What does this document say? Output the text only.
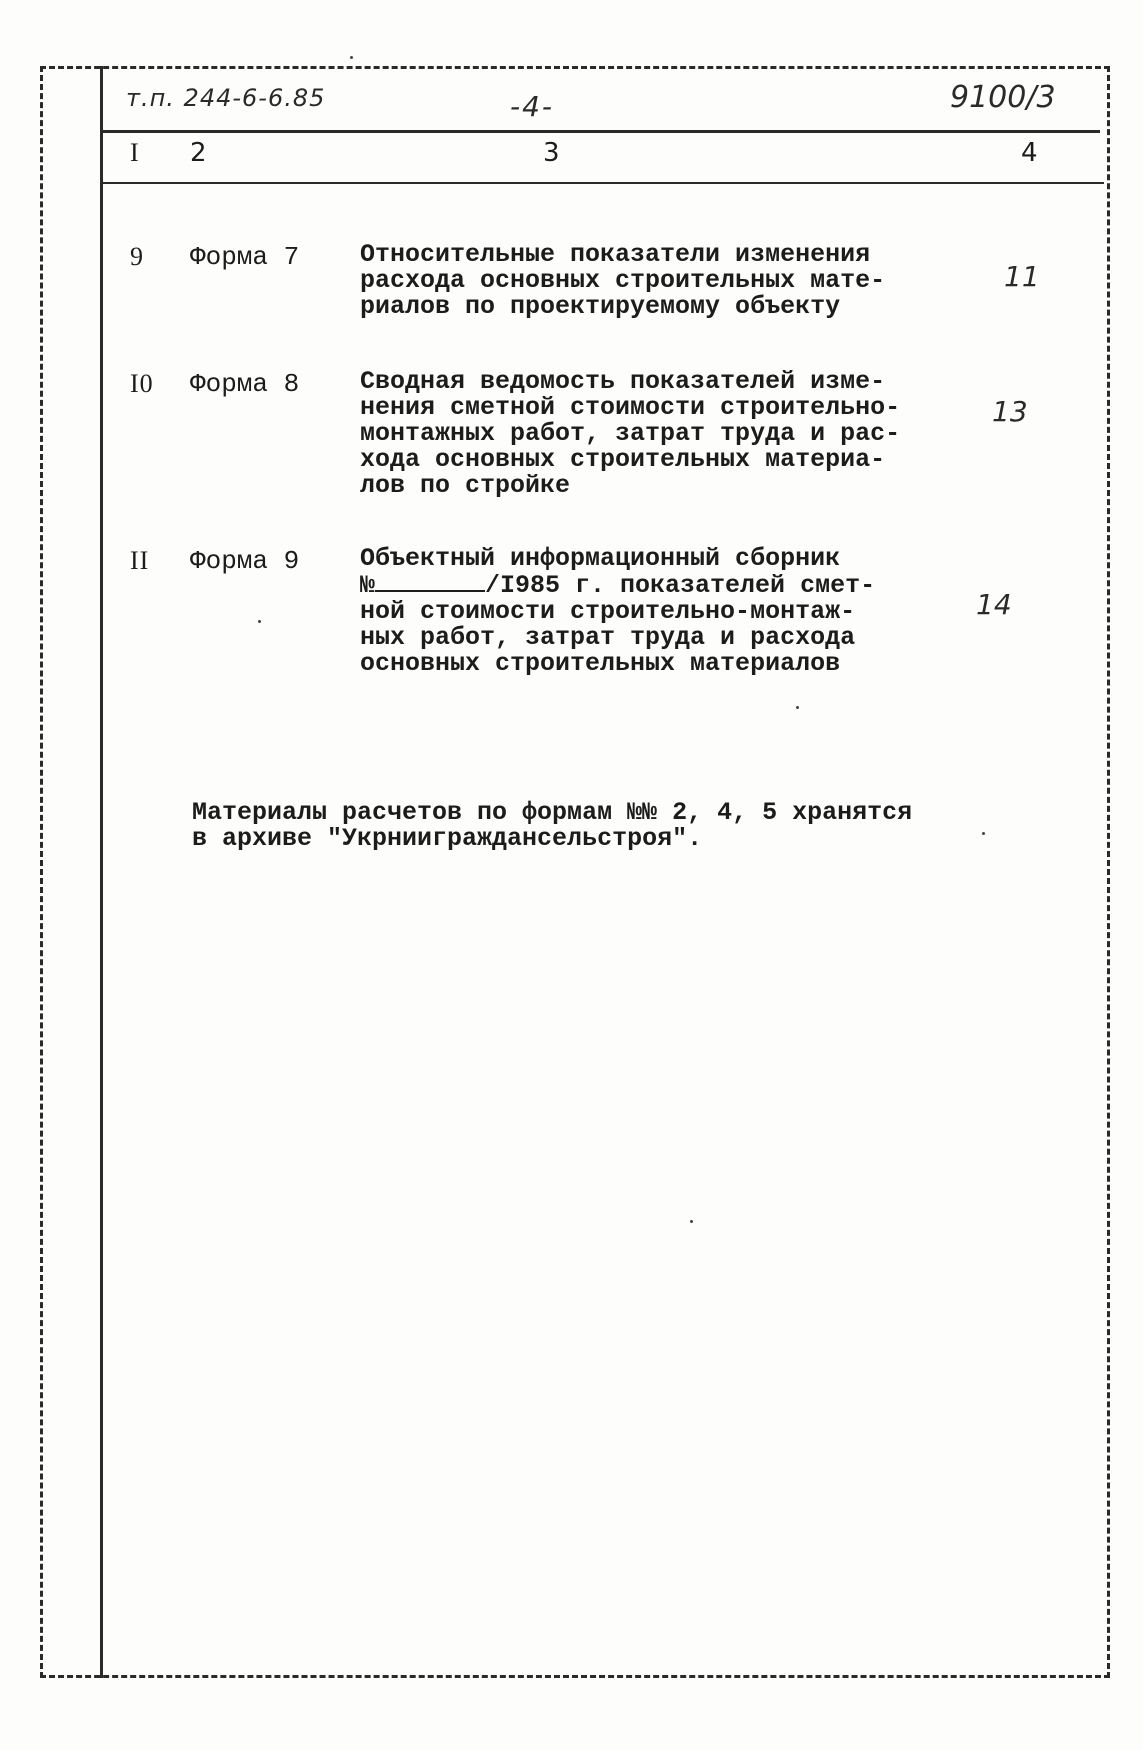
т.п. 244-6-6.85	-4-	9100/3
I 2	3	4
9 Форма 7 Относительные показатели изменения
расхода основных строительных мате-
риалов по проектируемому объекту
11
I0 Форма 8 Сводная ведомость показателей изме-
нения сметной стоимости строительно-
монтажных работ, затрат труда и рас-
хода основных строительных материа-
лов по стройке
13
II Форма 9 Объектный информационный сборник
№	/I985 г. показателей смет-
ной стоимости строительно-монтаж-
ных работ, затрат труда и расхода
основных строительных материалов
14
Материалы расчетов по формам №№ 2, 4, 5 хранятся
в архиве "Укрнииграждансельстроя".
